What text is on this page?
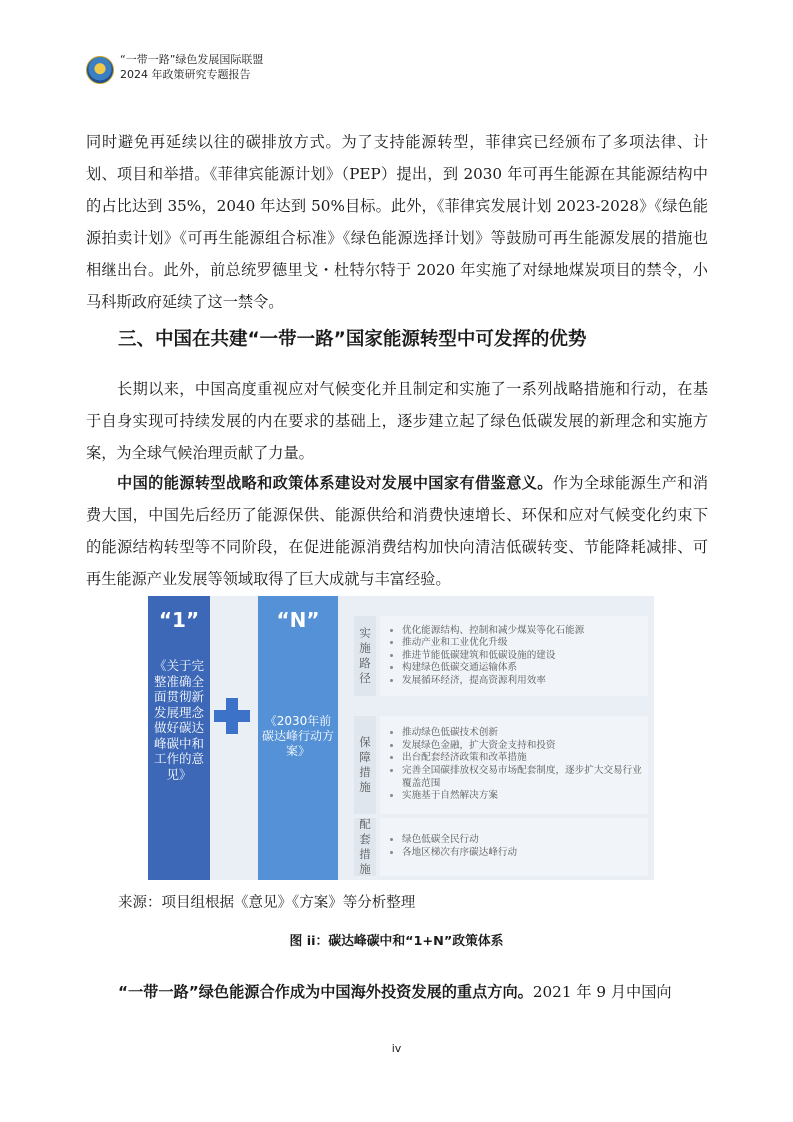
“一带一路”绿色发展国际联盟
2024 年政策研究专题报告

同时避免再延续以往的碳排放方式。为了支持能源转型，菲律宾已经颁布了多项法律、计划、项目和举措。《菲律宾能源计划》（PEP）提出，到 2030 年可再生能源在其能源结构中的占比达到 35%，2040 年达到 50%目标。此外，《菲律宾发展计划 2023-2028》《绿色能源拍卖计划》《可再生能源组合标准》《绿色能源选择计划》等鼓励可再生能源发展的措施也相继出台。此外，前总统罗德里戈・杜特尔特于 2020 年实施了对绿地煤炭项目的禁令，小马科斯政府延续了这一禁令。

三、中国在共建“一带一路”国家能源转型中可发挥的优势

长期以来，中国高度重视应对气候变化并且制定和实施了一系列战略措施和行动，在基于自身实现可持续发展的内在要求的基础上，逐步建立起了绿色低碳发展的新理念和实施方案，为全球气候治理贡献了力量。

中国的能源转型战略和政策体系建设对发展中国家有借鉴意义。作为全球能源生产和消费大国，中国先后经历了能源保供、能源供给和消费快速增长、环保和应对气候变化约束下的能源结构转型等不同阶段，在促进能源消费结构加快向清洁低碳转变、节能降耗减排、可再生能源产业发展等领域取得了巨大成就与丰富经验。

“1”
《关于完整准确全面贯彻新发展理念做好碳达峰碳中和工作的意见》
“N”
《2030年前碳达峰行动方案》
实施路径
• 优化能源结构、控制和减少煤炭等化石能源
• 推动产业和工业优化升级
• 推进节能低碳建筑和低碳设施的建设
• 构建绿色低碳交通运输体系
• 发展循环经济，提高资源利用效率
保障措施
• 推动绿色低碳技术创新
• 发展绿色金融，扩大资金支持和投资
• 出台配套经济政策和改革措施
• 完善全国碳排放权交易市场配套制度，逐步扩大交易行业覆盖范围
• 实施基于自然解决方案
配套措施
• 绿色低碳全民行动
• 各地区梯次有序碳达峰行动
来源：项目组根据《意见》《方案》等分析整理
图 ii：碳达峰碳中和“1+N”政策体系
“一带一路”绿色能源合作成为中国海外投资发展的重点方向。2021 年 9 月中国向
iv
